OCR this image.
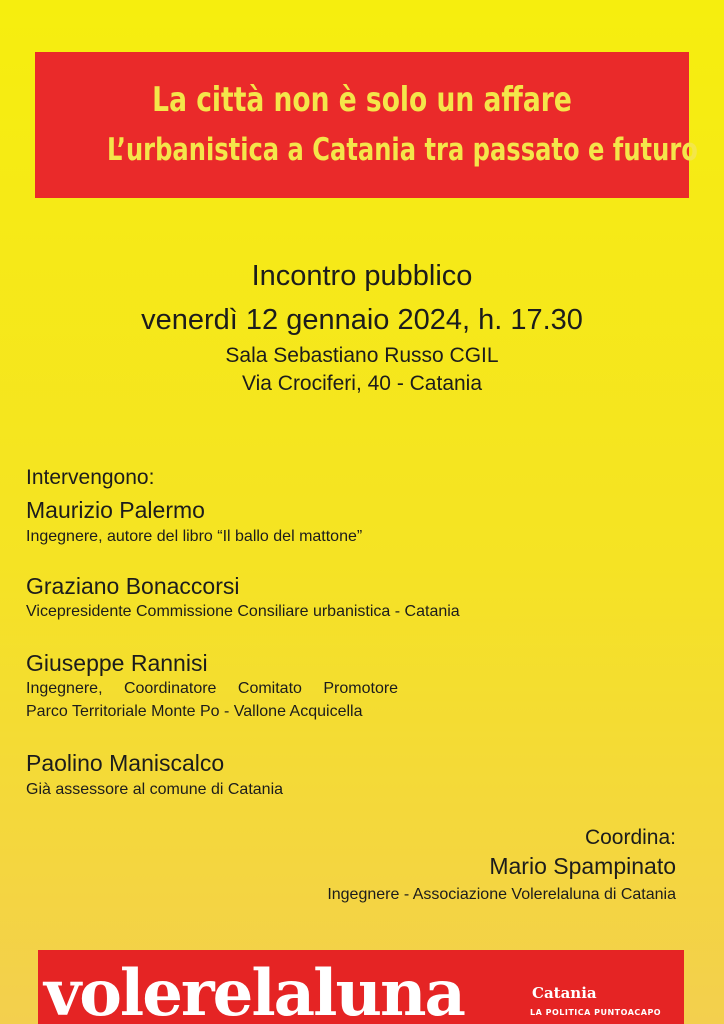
La città non è solo un affare
L’urbanistica a Catania tra passato e futuro
Incontro pubblico
venerdì 12 gennaio 2024, h. 17.30
Sala Sebastiano Russo CGIL
Via Crociferi, 40 - Catania
Intervengono:
Maurizio Palermo
Ingegnere, autore del libro “Il ballo del mattone”
Graziano Bonaccorsi
Vicepresidente Commissione Consiliare urbanistica - Catania
Giuseppe Rannisi
Ingegnere, Coordinatore Comitato Promotore
Parco Territoriale Monte Po - Vallone Acquicella
Paolino Maniscalco
Già assessore al comune di Catania
Coordina:
Mario Spampinato
Ingegnere - Associazione Volerelaluna di Catania
volerelaluna	Catania
LA POLITICA PUNTOACAPO
